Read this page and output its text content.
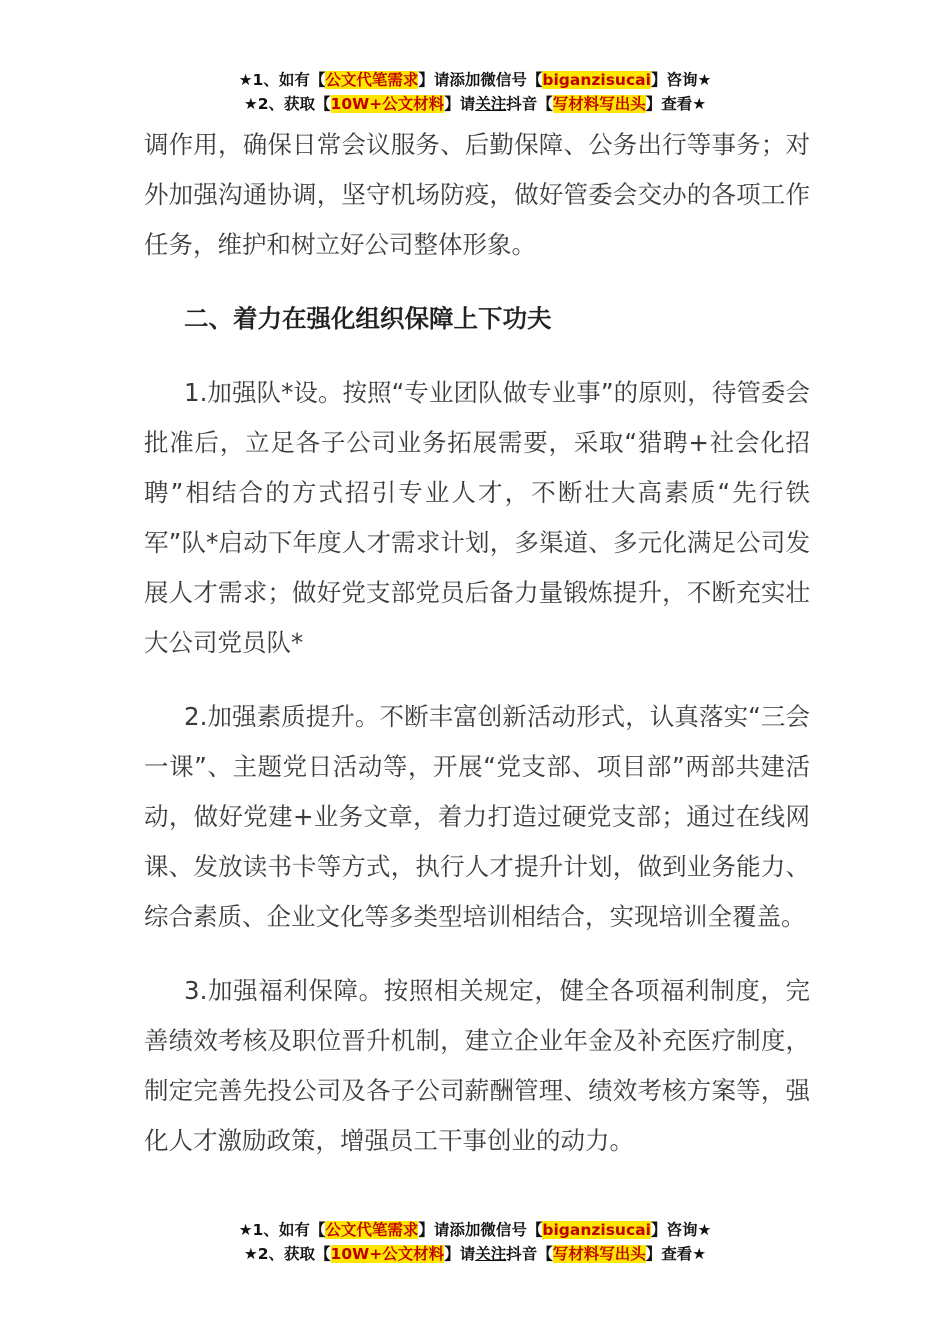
★1、如有【公文代笔需求】请添加微信号【biganzisucai】咨询★
★2、获取【10W+公文材料】请关注抖音【写材料写出头】查看★

调作用，确保日常会议服务、后勤保障、公务出行等事务；对外加强沟通协调，坚守机场防疫，做好管委会交办的各项工作任务，维护和树立好公司整体形象。

二、着力在强化组织保障上下功夫

1.加强队*设。按照“专业团队做专业事”的原则，待管委会批准后，立足各子公司业务拓展需要，采取“猎聘+社会化招聘”相结合的方式招引专业人才，不断壮大高素质“先行铁军”队*启动下年度人才需求计划，多渠道、多元化满足公司发展人才需求；做好党支部党员后备力量锻炼提升，不断充实壮大公司党员队*

2.加强素质提升。不断丰富创新活动形式，认真落实“三会一课”、主题党日活动等，开展“党支部、项目部”两部共建活动，做好党建+业务文章，着力打造过硬党支部；通过在线网课、发放读书卡等方式，执行人才提升计划，做到业务能力、综合素质、企业文化等多类型培训相结合，实现培训全覆盖。

3.加强福利保障。按照相关规定，健全各项福利制度，完善绩效考核及职位晋升机制，建立企业年金及补充医疗制度，制定完善先投公司及各子公司薪酬管理、绩效考核方案等，强化人才激励政策，增强员工干事创业的动力。

★1、如有【公文代笔需求】请添加微信号【biganzisucai】咨询★
★2、获取【10W+公文材料】请关注抖音【写材料写出头】查看★
